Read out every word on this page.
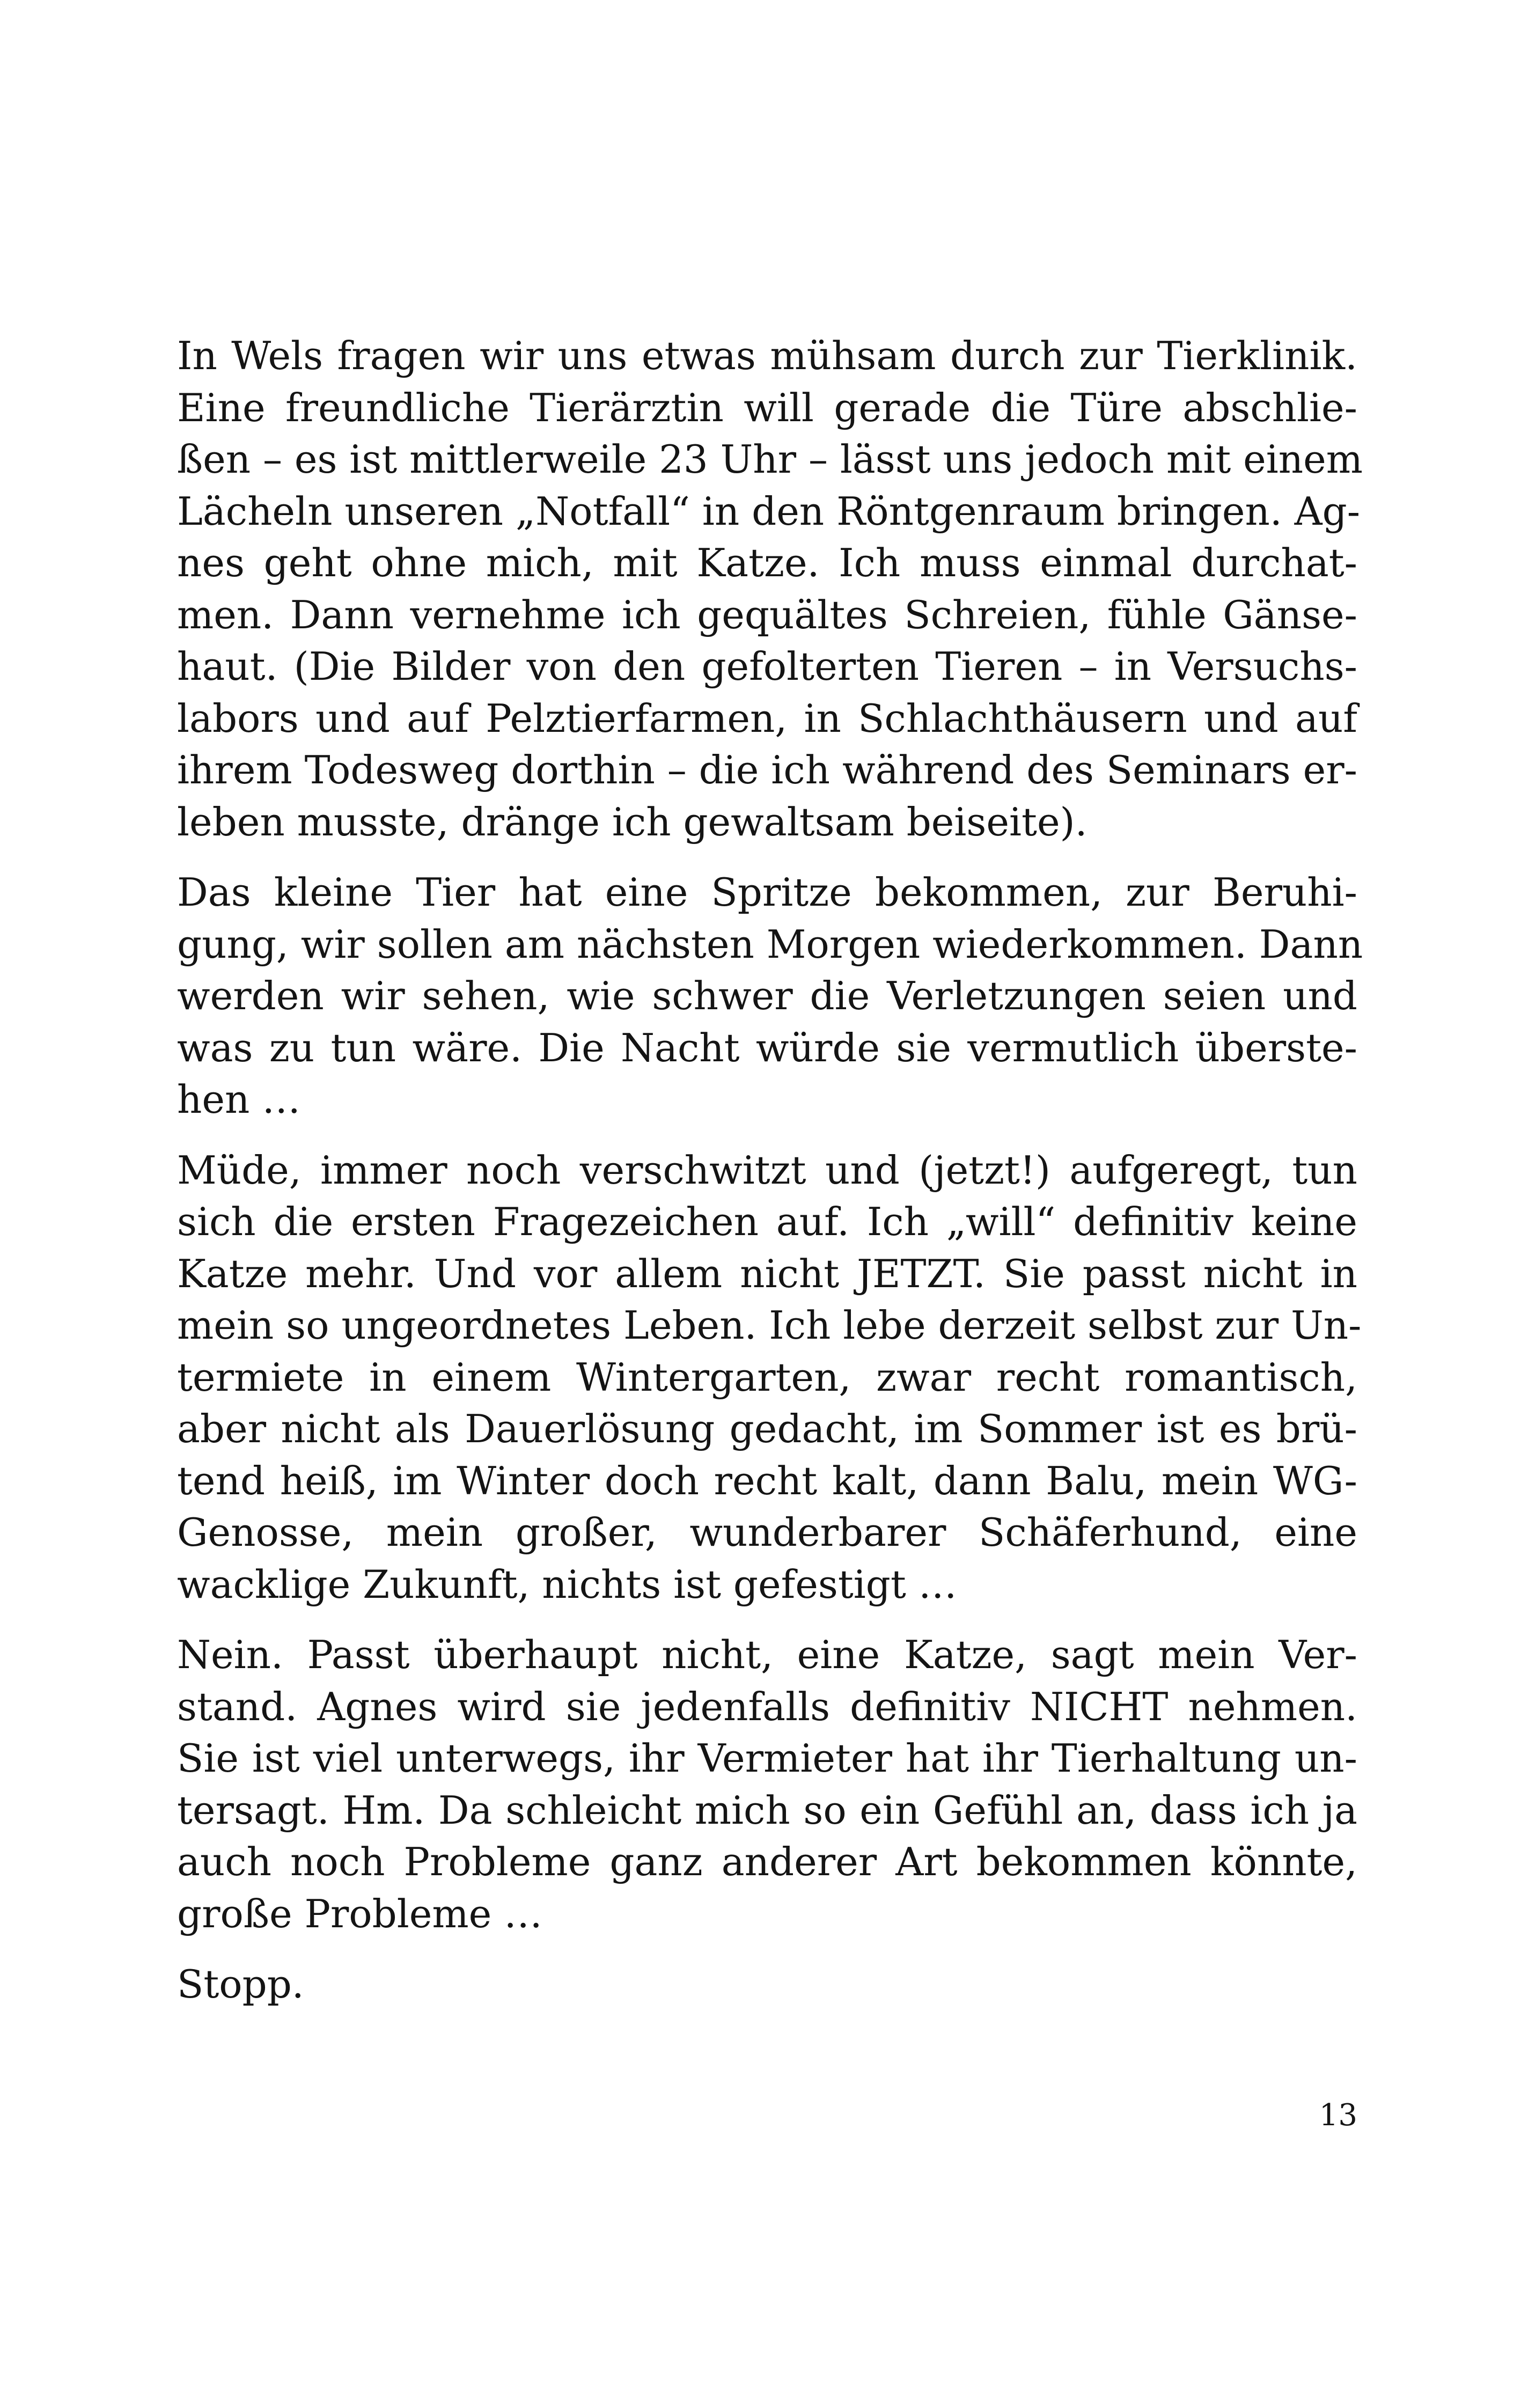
In Wels fragen wir uns etwas mühsam durch zur Tierklinik.
Eine freundliche Tierärztin will gerade die Türe abschlie-
ßen – es ist mittlerweile 23 Uhr – lässt uns jedoch mit einem
Lächeln unseren „Notfall“ in den Röntgenraum bringen. Ag-
nes geht ohne mich, mit Katze. Ich muss einmal durchat-
men. Dann vernehme ich gequältes Schreien, fühle Gänse-
haut. (Die Bilder von den gefolterten Tieren – in Versuchs-
labors und auf Pelztierfarmen, in Schlachthäusern und auf
ihrem Todesweg dorthin – die ich während des Seminars er-
leben musste, dränge ich gewaltsam beiseite).

Das kleine Tier hat eine Spritze bekommen, zur Beruhi-
gung, wir sollen am nächsten Morgen wiederkommen. Dann
werden wir sehen, wie schwer die Verletzungen seien und
was zu tun wäre. Die Nacht würde sie vermutlich überste-
hen …

Müde, immer noch verschwitzt und (jetzt!) aufgeregt, tun
sich die ersten Fragezeichen auf. Ich „will“ definitiv keine
Katze mehr. Und vor allem nicht JETZT. Sie passt nicht in
mein so ungeordnetes Leben. Ich lebe derzeit selbst zur Un-
termiete in einem Wintergarten, zwar recht romantisch,
aber nicht als Dauerlösung gedacht, im Sommer ist es brü-
tend heiß, im Winter doch recht kalt, dann Balu, mein WG-
Genosse, mein großer, wunderbarer Schäferhund, eine
wacklige Zukunft, nichts ist gefestigt …

Nein. Passt überhaupt nicht, eine Katze, sagt mein Ver-
stand. Agnes wird sie jedenfalls definitiv NICHT nehmen.
Sie ist viel unterwegs, ihr Vermieter hat ihr Tierhaltung un-
tersagt. Hm. Da schleicht mich so ein Gefühl an, dass ich ja
auch noch Probleme ganz anderer Art bekommen könnte,
große Probleme …

Stopp.

13
